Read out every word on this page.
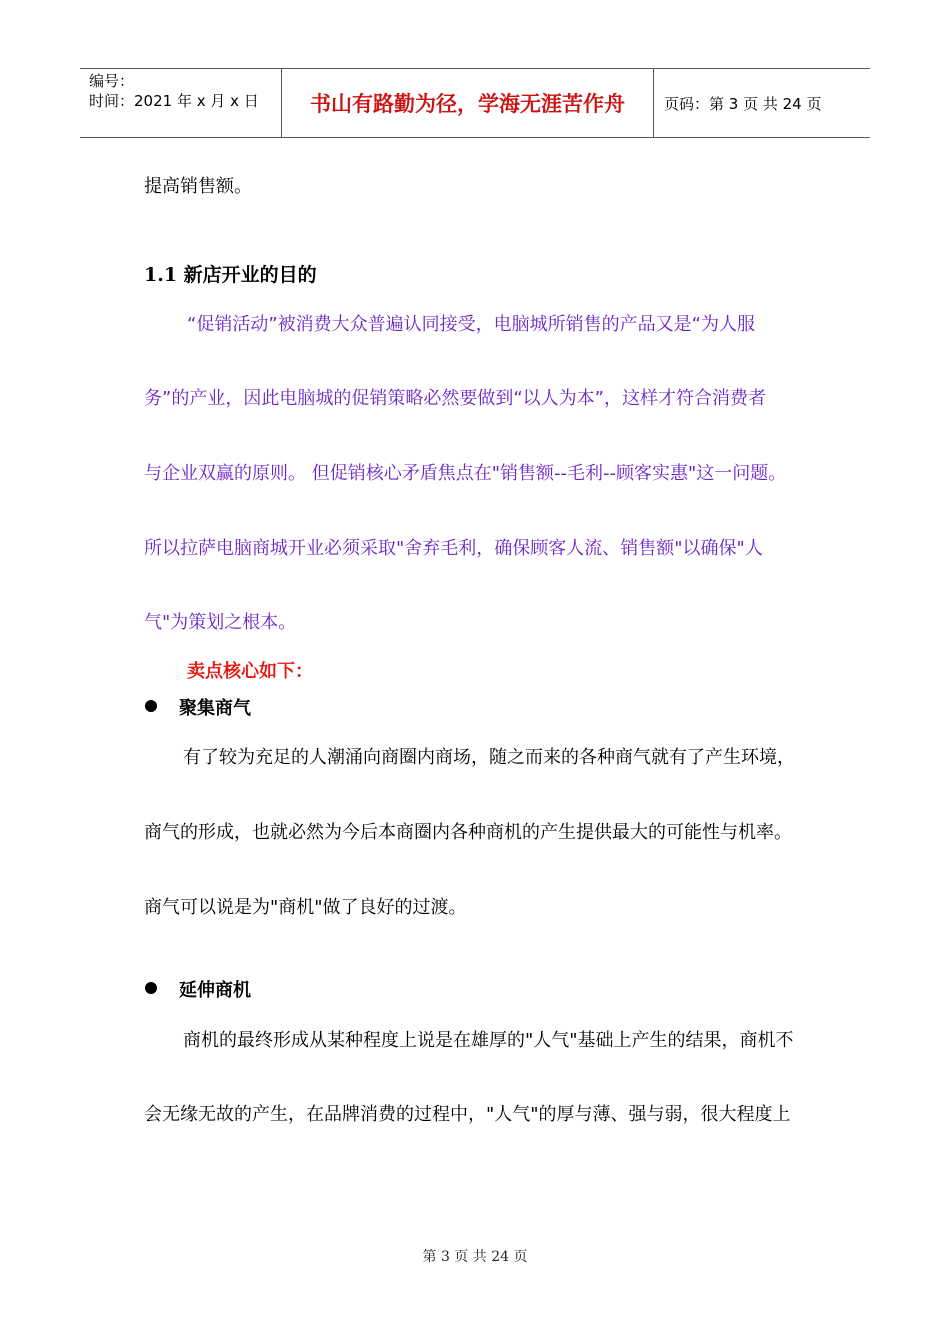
编号：
时间：2021 年 x 月 x 日	书山有路勤为径，学海无涯苦作舟	页码：第 3 页 共 24 页
提高销售额。
1.1 新店开业的目的
“促销活动”被消费大众普遍认同接受，电脑城所销售的产品又是“为人服
务”的产业，因此电脑城的促销策略必然要做到“以人为本”，这样才符合消费者
与企业双赢的原则。 但促销核心矛盾焦点在"销售额--毛利--顾客实惠"这一问题。
所以拉萨电脑商城开业必须采取"舍弃毛利，确保顾客人流、销售额"以确保"人
气"为策划之根本。
卖点核心如下：
聚集商气
有了较为充足的人潮涌向商圈内商场，随之而来的各种商气就有了产生环境，
商气的形成，也就必然为今后本商圈内各种商机的产生提供最大的可能性与机率。
商气可以说是为"商机"做了良好的过渡。
延伸商机
商机的最终形成从某种程度上说是在雄厚的"人气"基础上产生的结果，商机不
会无缘无故的产生，在品牌消费的过程中，"人气"的厚与薄、强与弱，很大程度上
第 3 页 共 24 页
